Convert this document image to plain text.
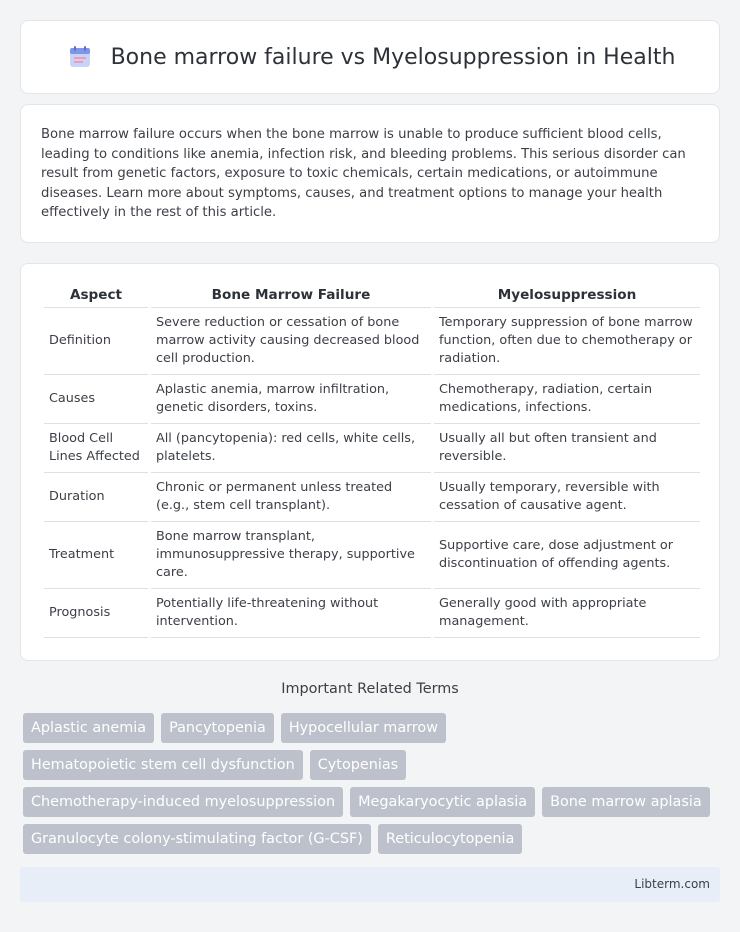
Bone marrow failure vs Myelosuppression in Health

Bone marrow failure occurs when the bone marrow is unable to produce sufficient blood cells, leading to conditions like anemia, infection risk, and bleeding problems. This serious disorder can result from genetic factors, exposure to toxic chemicals, certain medications, or autoimmune diseases. Learn more about symptoms, causes, and treatment options to manage your health effectively in the rest of this article.

Aspect	Bone Marrow Failure	Myelosuppression
Definition	Severe reduction or cessation of bone marrow activity causing decreased blood cell production.	Temporary suppression of bone marrow function, often due to chemotherapy or radiation.
Causes	Aplastic anemia, marrow infiltration, genetic disorders, toxins.	Chemotherapy, radiation, certain medications, infections.
Blood Cell Lines Affected	All (pancytopenia): red cells, white cells, platelets.	Usually all but often transient and reversible.
Duration	Chronic or permanent unless treated (e.g., stem cell transplant).	Usually temporary, reversible with cessation of causative agent.
Treatment	Bone marrow transplant, immunosuppressive therapy, supportive care.	Supportive care, dose adjustment or discontinuation of offending agents.
Prognosis	Potentially life-threatening without intervention.	Generally good with appropriate management.
Important Related Terms
Aplastic anemia	Pancytopenia	Hypocellular marrow
Hematopoietic stem cell dysfunction	Cytopenias
Chemotherapy-induced myelosuppression	Megakaryocytic aplasia	Bone marrow aplasia
Granulocyte colony-stimulating factor (G-CSF)	Reticulocytopenia
Libterm.com
